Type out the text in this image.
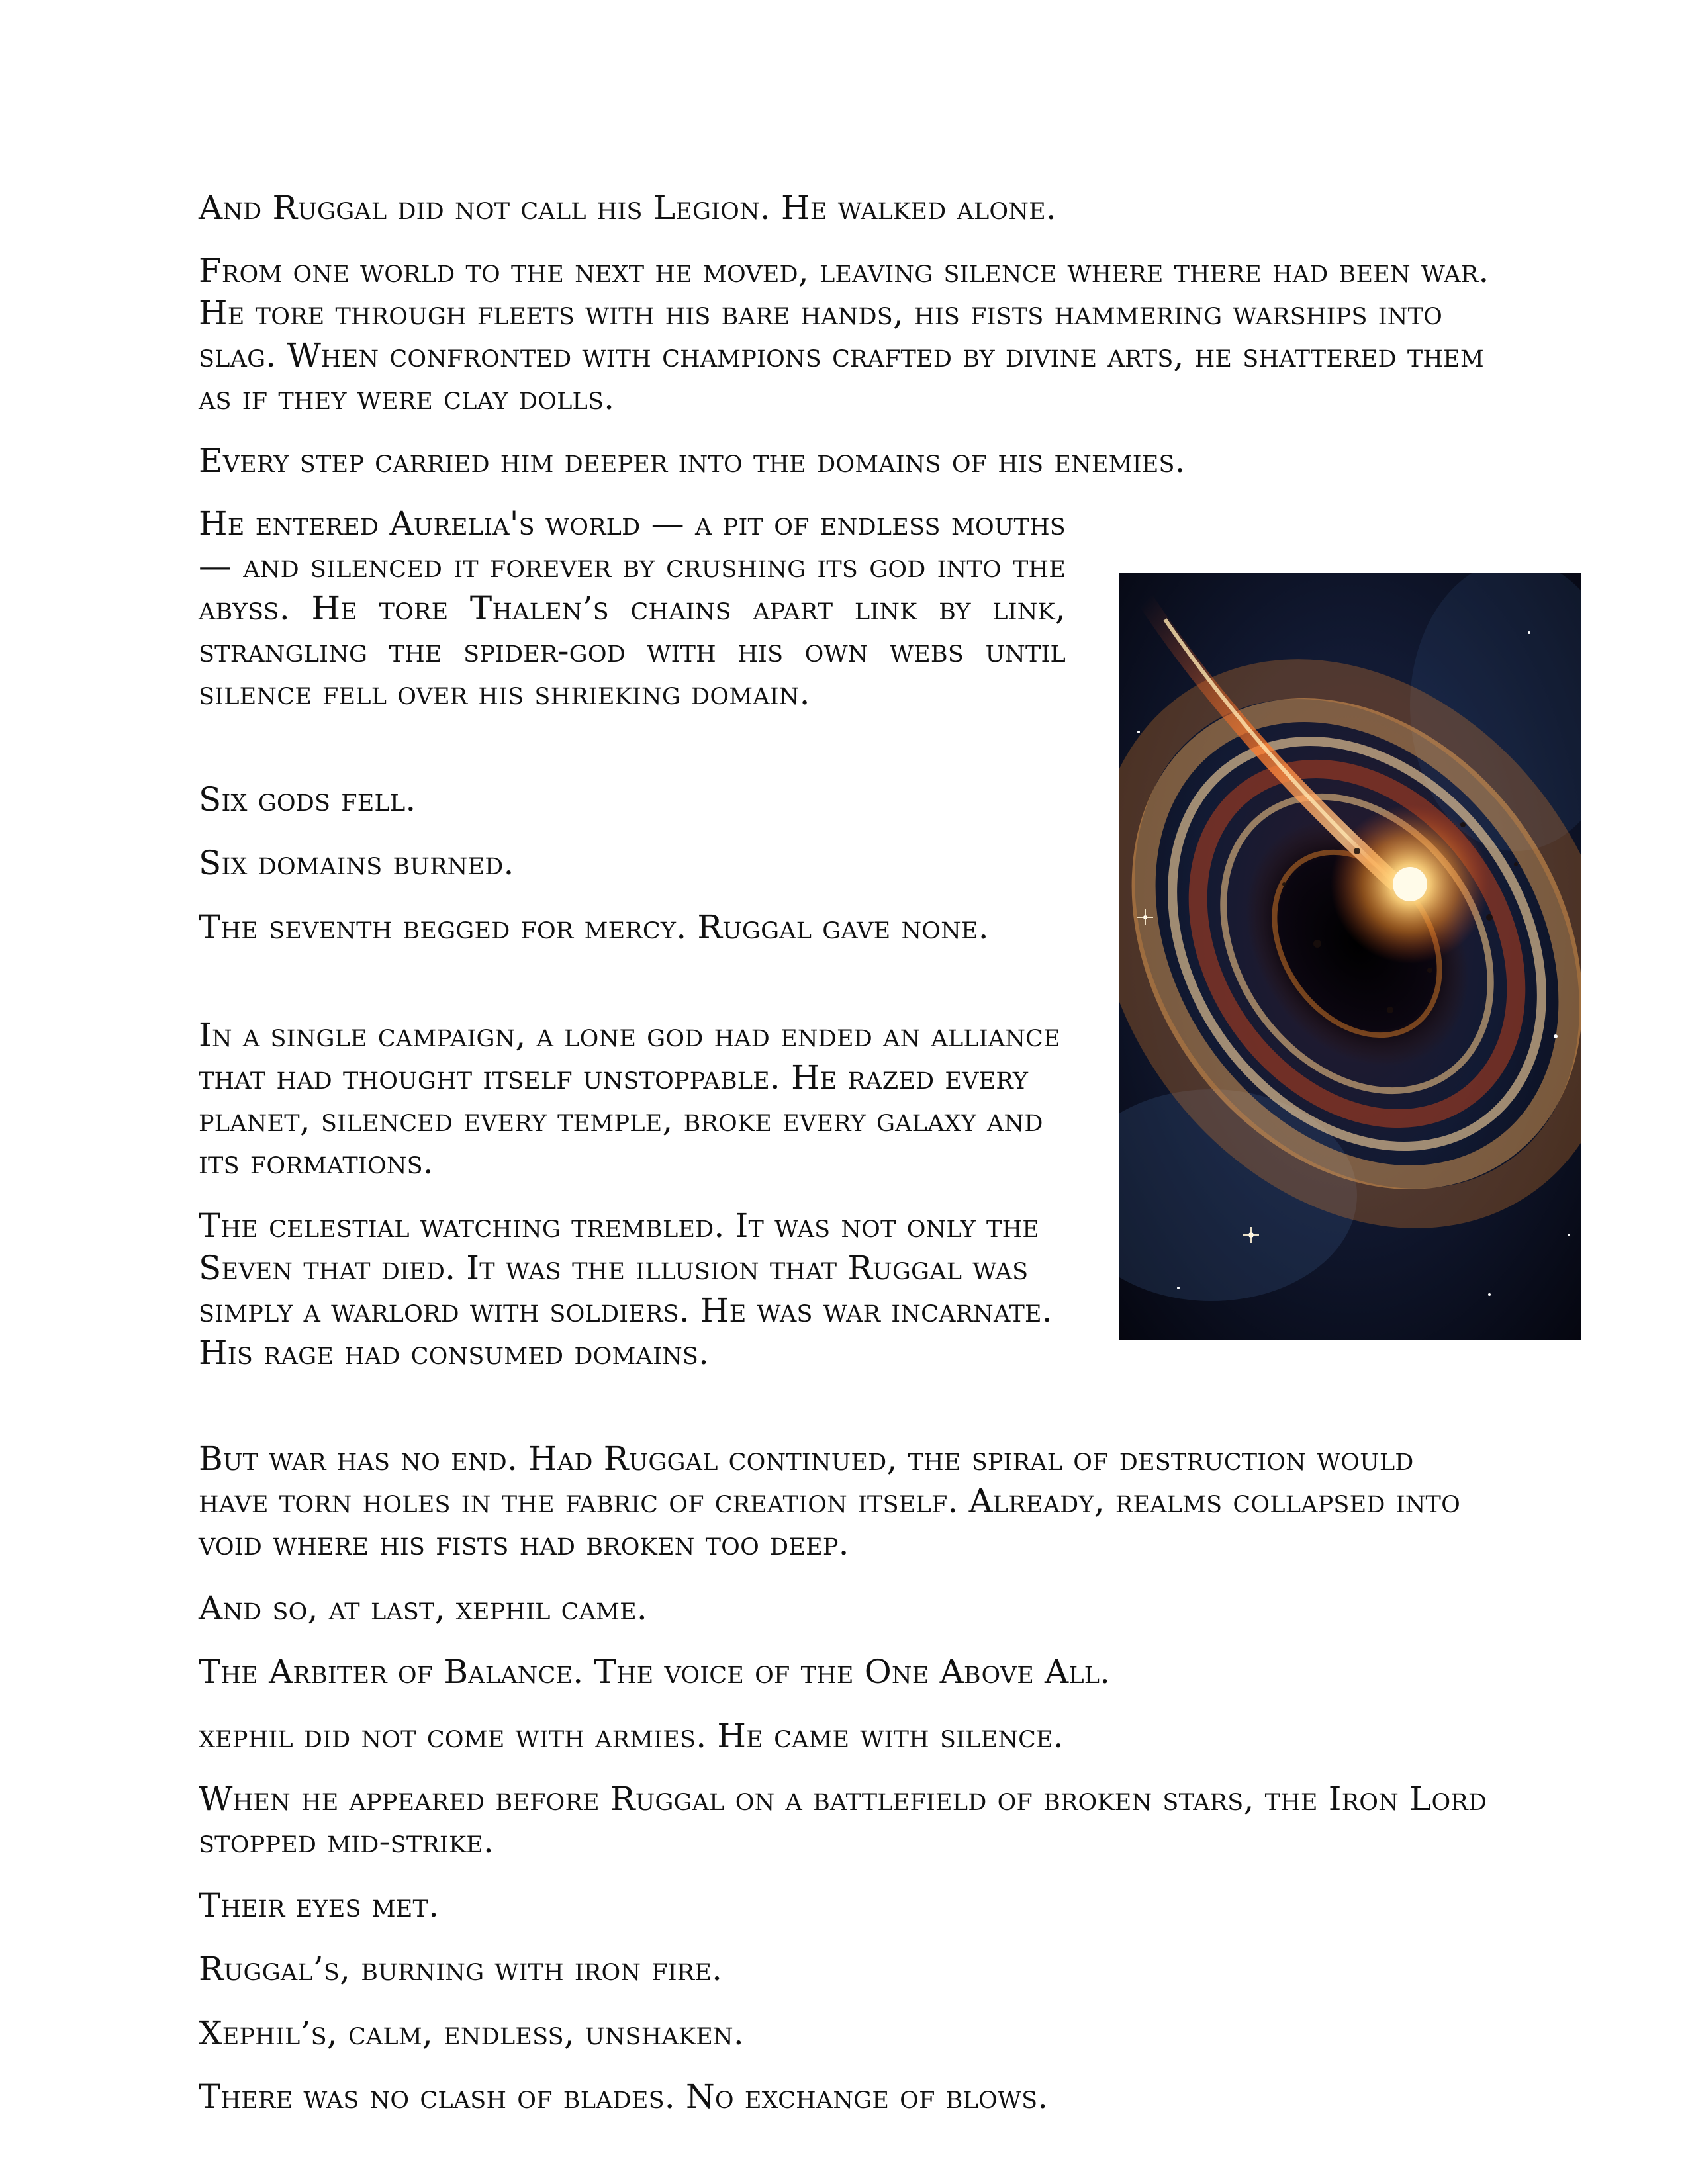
And Ruggal did not call his Legion. He walked alone.

From one world to the next he moved, leaving silence where there had been war. He tore through fleets with his bare hands, his fists hammering warships into slag. When confronted with champions crafted by divine arts, he shattered them as if they were clay dolls.

Every step carried him deeper into the domains of his enemies.

He entered Aurelia's world — a pit of endless mouths — and silenced it forever by crushing its god into the abyss. He tore Thalen’s chains apart link by link, strangling the spider-god with his own webs until silence fell over his shrieking domain.

Six gods fell.

Six domains burned.

The seventh begged for mercy. Ruggal gave none.

In a single campaign, a lone god had ended an alliance that had thought itself unstoppable. He razed every planet, silenced every temple, broke every galaxy and its formations.

The celestial watching trembled. It was not only the Seven that died. It was the illusion that Ruggal was simply a warlord with soldiers. He was war incarnate. His rage had consumed domains.

But war has no end. Had Ruggal continued, the spiral of destruction would have torn holes in the fabric of creation itself. Already, realms collapsed into void where his fists had broken too deep.

And so, at last, xephil came.

The Arbiter of Balance. The voice of the One Above All.

xephil did not come with armies. He came with silence.

When he appeared before Ruggal on a battlefield of broken stars, the Iron Lord stopped mid-strike.

Their eyes met.

Ruggal’s, burning with iron fire.

Xephil’s, calm, endless, unshaken.

There was no clash of blades. No exchange of blows.
